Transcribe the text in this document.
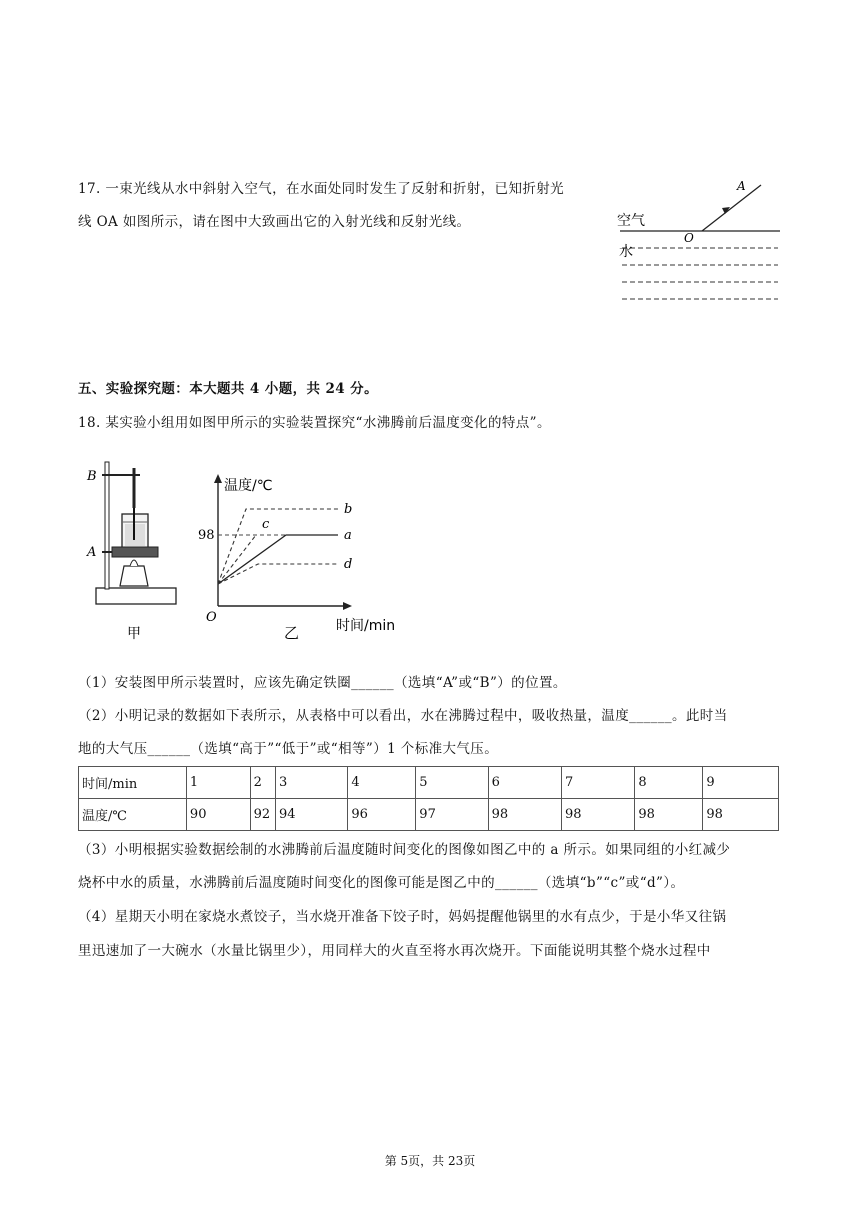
17. 一束光线从水中斜射入空气，在水面处同时发生了反射和折射，已知折射光
线 OA 如图所示，请在图中大致画出它的入射光线和反射光线。
A
O
空气
水
五、实验探究题：本大题共 4 小题，共 24 分。
18. 某实验小组用如图甲所示的实验装置探究“水沸腾前后温度变化的特点”。
B
A
甲
温度/℃
时间/min
O
98
b
c
a
d
乙
（1）安装图甲所示装置时，应该先确定铁圈______（选填“A”或“B”）的位置。
（2）小明记录的数据如下表所示，从表格中可以看出，水在沸腾过程中，吸收热量，温度______。此时当
地的大气压______（选填“高于”“低于”或“相等”）1 个标准大气压。
时间/min	1	2	3	4	5	6	7	8	9
温度/℃	90	92	94	96	97	98	98	98	98
（3）小明根据实验数据绘制的水沸腾前后温度随时间变化的图像如图乙中的 a 所示。如果同组的小红减少
烧杯中水的质量，水沸腾前后温度随时间变化的图像可能是图乙中的______（选填“b”“c”或“d”）。
（4）星期天小明在家烧水煮饺子，当水烧开准备下饺子时，妈妈提醒他锅里的水有点少，于是小华又往锅
里迅速加了一大碗水（水量比锅里少），用同样大的火直至将水再次烧开。下面能说明其整个烧水过程中
第 5页，共 23页
